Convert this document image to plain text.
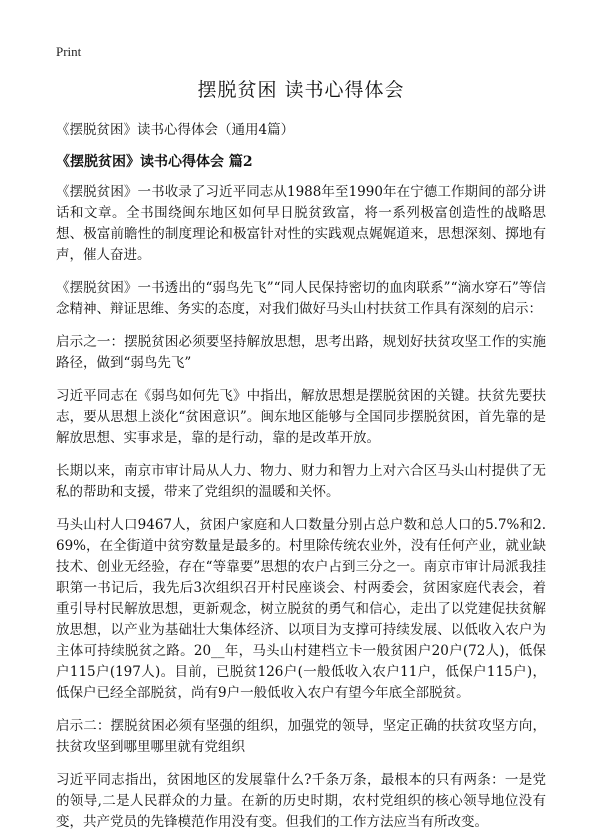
Print
摆脱贫困 读书心得体会

《摆脱贫困》读书心得体会（通用4篇）

《摆脱贫困》读书心得体会 篇2

《摆脱贫困》一书收录了习近平同志从1988年至1990年在宁德工作期间的部分讲话和文章。全书围绕闽东地区如何早日脱贫致富，将一系列极富创造性的战略思想、极富前瞻性的制度理论和极富针对性的实践观点娓娓道来，思想深刻、掷地有声，催人奋进。

《摆脱贫困》一书透出的“弱鸟先飞”“同人民保持密切的血肉联系”“滴水穿石”等信念精神、辩证思维、务实的态度，对我们做好马头山村扶贫工作具有深刻的启示：

启示之一：摆脱贫困必须要坚持解放思想，思考出路，规划好扶贫攻坚工作的实施路径，做到“弱鸟先飞”

习近平同志在《弱鸟如何先飞》中指出，解放思想是摆脱贫困的关键。扶贫先要扶志，要从思想上淡化“贫困意识”。闽东地区能够与全国同步摆脱贫困，首先靠的是解放思想、实事求是，靠的是行动，靠的是改革开放。

长期以来，南京市审计局从人力、物力、财力和智力上对六合区马头山村提供了无私的帮助和支援，带来了党组织的温暖和关怀。

马头山村人口9467人，贫困户家庭和人口数量分别占总户数和总人口的5.7%和2.69%，在全街道中贫穷数量是最多的。村里除传统农业外，没有任何产业，就业缺技术、创业无经验，存在“等靠要”思想的农户占到三分之一。南京市审计局派我挂职第一书记后，我先后3次组织召开村民座谈会、村两委会，贫困家庭代表会，着重引导村民解放思想，更新观念，树立脱贫的勇气和信心，走出了以党建促扶贫解放思想，以产业为基础壮大集体经济、以项目为支撑可持续发展、以低收入农户为主体可持续脱贫之路。20__年，马头山村建档立卡一般贫困户20户(72人)，低保户115户(197人)。目前，已脱贫126户(一般低收入农户11户，低保户115户)，低保户已经全部脱贫，尚有9户一般低收入农户有望今年底全部脱贫。

启示二：摆脱贫困必须有坚强的组织，加强党的领导，坚定正确的扶贫攻坚方向，扶贫攻坚到哪里哪里就有党组织

习近平同志指出，贫困地区的发展靠什么?千条万条，最根本的只有两条：一是党的领导,二是人民群众的力量。在新的历史时期，农村党组织的核心领导地位没有变，共产党员的先锋模范作用没有变。但我们的工作方法应当有所改变。
